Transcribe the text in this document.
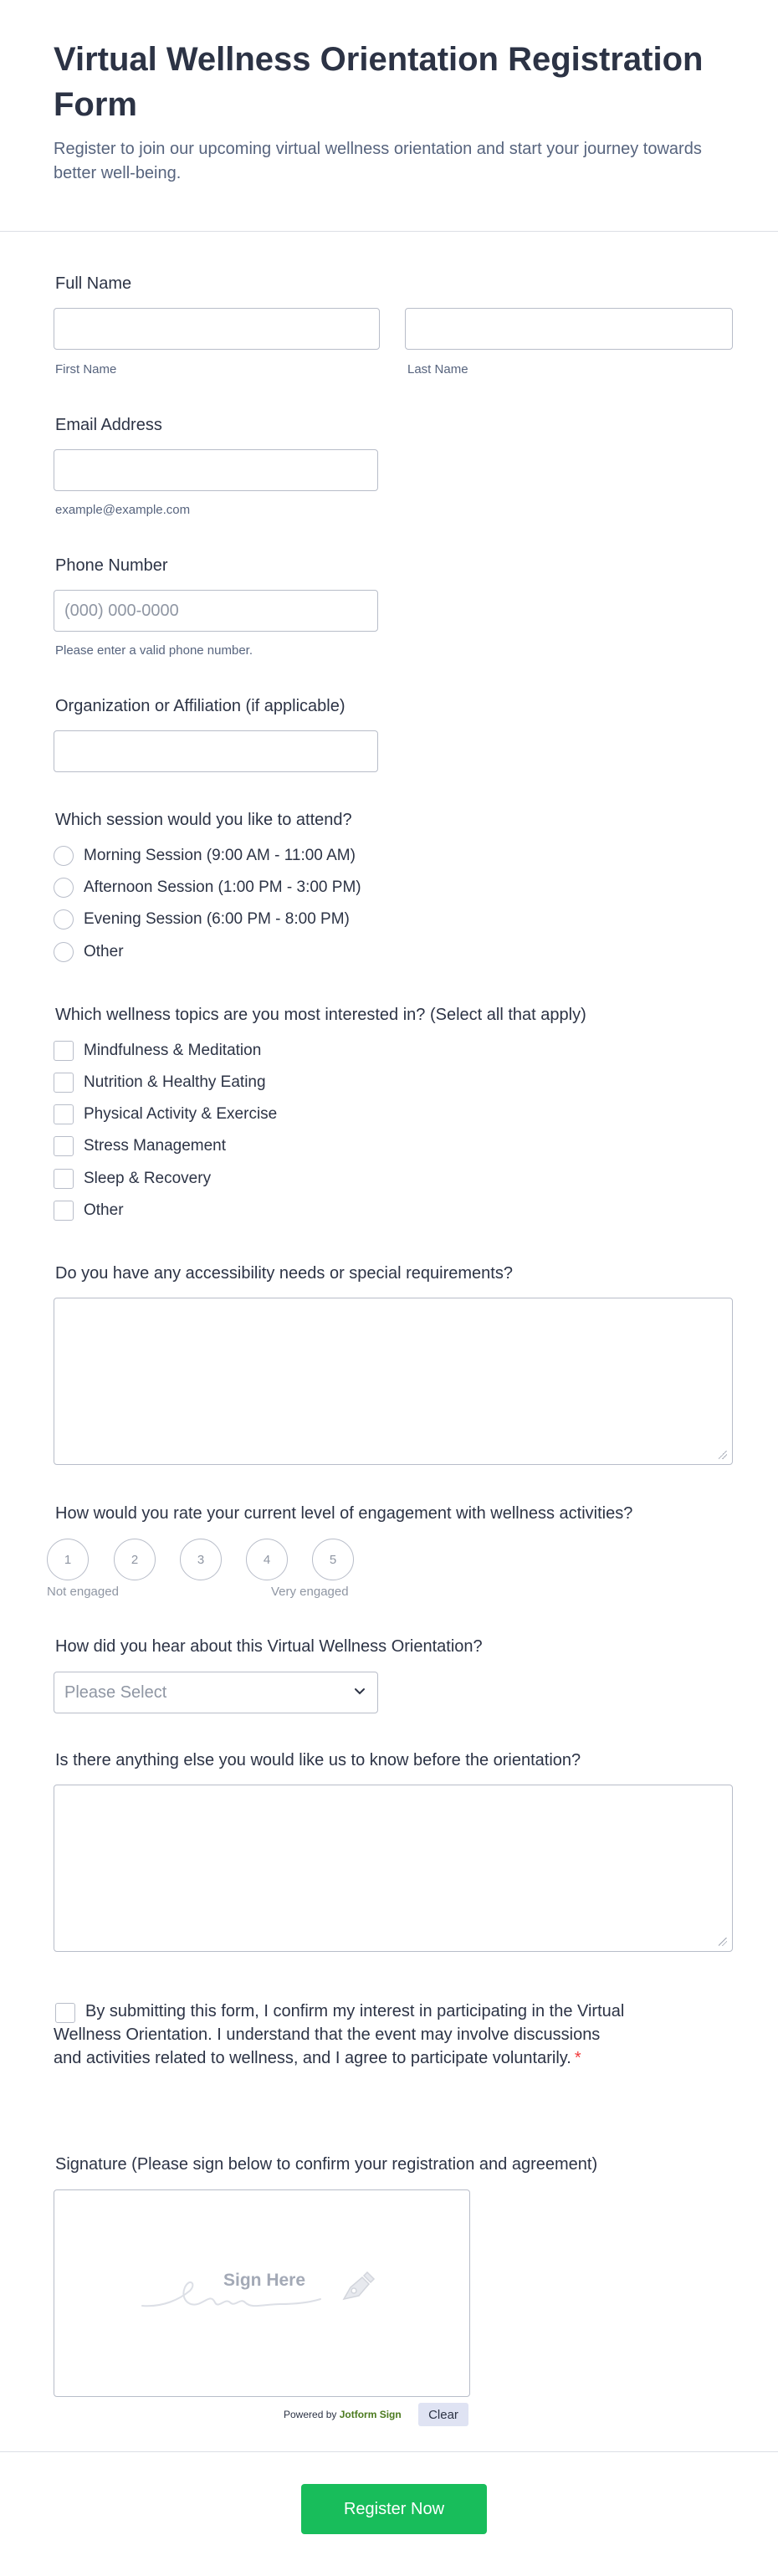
Virtual Wellness Orientation Registration Form
Register to join our upcoming virtual wellness orientation and start your journey towards better well-being.
Full Name
First Name	Last Name
Email Address
example@example.com
Phone Number
(000) 000-0000
Please enter a valid phone number.
Organization or Affiliation (if applicable)
Which session would you like to attend?
Morning Session (9:00 AM - 11:00 AM)
Afternoon Session (1:00 PM - 3:00 PM)
Evening Session (6:00 PM - 8:00 PM)
Other
Which wellness topics are you most interested in? (Select all that apply)
Mindfulness & Meditation
Nutrition & Healthy Eating
Physical Activity & Exercise
Stress Management
Sleep & Recovery
Other
Do you have any accessibility needs or special requirements?
How would you rate your current level of engagement with wellness activities?
1	2	3	4	5
Not engaged	Very engaged
How did you hear about this Virtual Wellness Orientation?
Please Select
Is there anything else you would like us to know before the orientation?
By submitting this form, I confirm my interest in participating in the Virtual Wellness Orientation. I understand that the event may involve discussions and activities related to wellness, and I agree to participate voluntarily. *
Signature (Please sign below to confirm your registration and agreement)
Sign Here
Powered by Jotform Sign	Clear
Register Now
